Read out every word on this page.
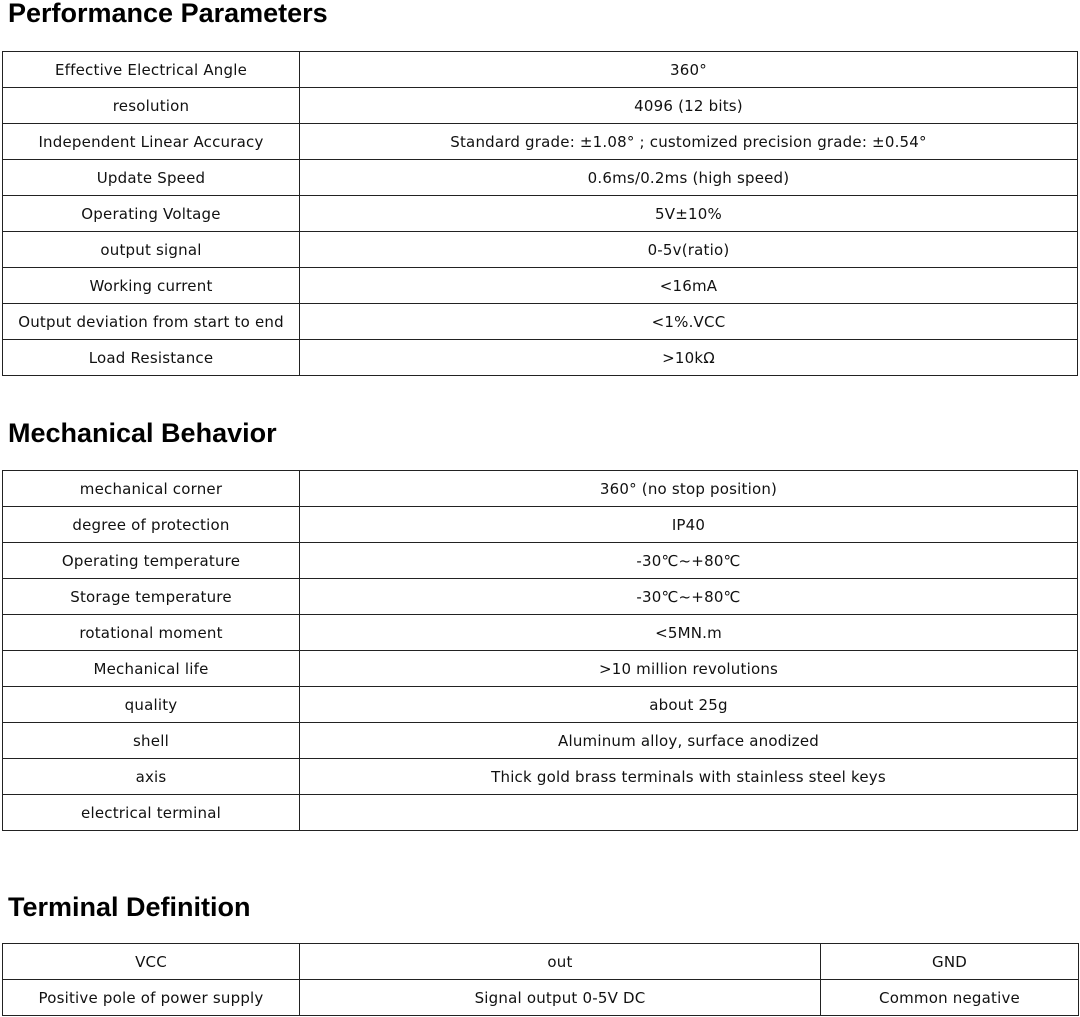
Performance Parameters
Effective Electrical Angle	360°
resolution	4096 (12 bits)
Independent Linear Accuracy	Standard grade: ±1.08° ; customized precision grade: ±0.54°
Update Speed	0.6ms/0.2ms (high speed)
Operating Voltage	5V±10%
output signal	0-5v(ratio)
Working current	<16mA
Output deviation from start to end	<1%.VCC
Load Resistance	>10kΩ
Mechanical Behavior
mechanical corner	360° (no stop position)
degree of protection	IP40
Operating temperature	-30℃~+80℃
Storage temperature	-30℃~+80℃
rotational moment	<5MN.m
Mechanical life	>10 million revolutions
quality	about 25g
shell	Aluminum alloy, surface anodized
axis	Thick gold brass terminals with stainless steel keys
electrical terminal	
Terminal Definition
VCC	out	GND
Positive pole of power supply	Signal output 0-5V DC	Common negative
